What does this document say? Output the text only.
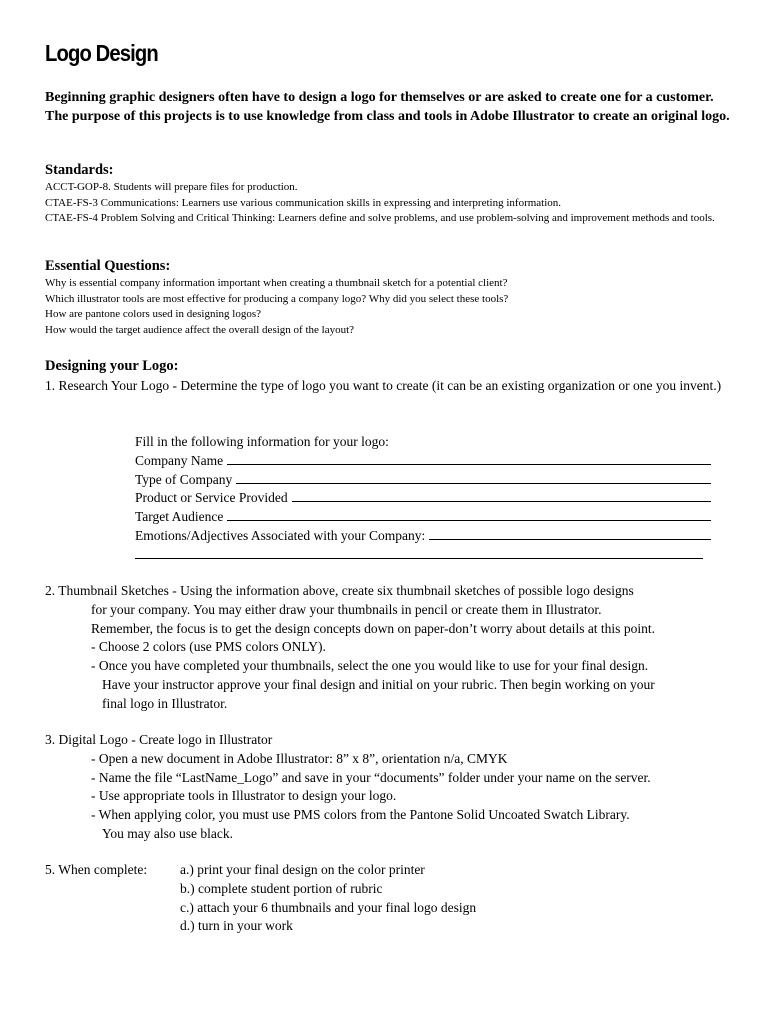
Logo Design
Beginning graphic designers often have to design a logo for themselves or are asked to create one for a customer. The purpose of this projects is to use knowledge from class and tools in Adobe Illustrator to create an original logo.
Standards:
ACCT-GOP-8. Students will prepare files for production.
CTAE-FS-3 Communications: Learners use various communication skills in expressing and interpreting information.
CTAE-FS-4 Problem Solving and Critical Thinking: Learners define and solve problems, and use problem-solving and improvement methods and tools.
Essential Questions:
Why is essential company information important when creating a thumbnail sketch for a potential client?
Which illustrator tools are most effective for producing a company logo? Why did you select these tools?
How are pantone colors used in designing logos?
How would the target audience affect the overall design of the layout?
Designing your Logo:
1. Research Your Logo - Determine the type of logo you want to create (it can be an existing organization or one you invent.)
Fill in the following information for your logo:
Company Name
Type of Company
Product or Service Provided
Target Audience
Emotions/Adjectives Associated with your Company:
2. Thumbnail Sketches - Using the information above, create six thumbnail sketches of possible logo designs
for your company. You may either draw your thumbnails in pencil or create them in Illustrator.
Remember, the focus is to get the design concepts down on paper-don’t worry about details at this point.
- Choose 2 colors (use PMS colors ONLY).
- Once you have completed your thumbnails, select the one you would like to use for your final design.
Have your instructor approve your final design and initial on your rubric. Then begin working on your
final logo in Illustrator.
3. Digital Logo - Create logo in Illustrator
- Open a new document in Adobe Illustrator: 8” x 8”, orientation n/a, CMYK
- Name the file “LastName_Logo” and save in your “documents” folder under your name on the server.
- Use appropriate tools in Illustrator to design your logo.
- When applying color, you must use PMS colors from the Pantone Solid Uncoated Swatch Library.
You may also use black.
5. When complete:	a.) print your final design on the color printer
b.) complete student portion of rubric
c.) attach your 6 thumbnails and your final logo design
d.) turn in your work
